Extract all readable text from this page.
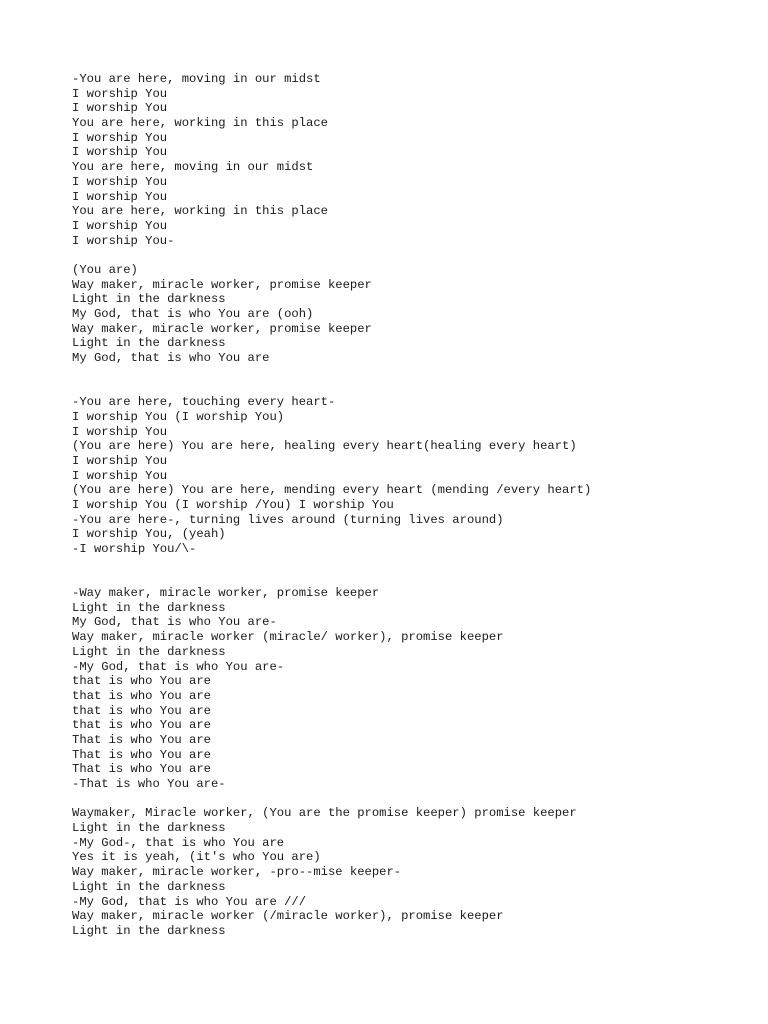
-You are here, moving in our midst
I worship You
I worship You
You are here, working in this place
I worship You
I worship You
You are here, moving in our midst
I worship You
I worship You
You are here, working in this place
I worship You
I worship You-
(You are)
Way maker, miracle worker, promise keeper
Light in the darkness
My God, that is who You are (ooh)
Way maker, miracle worker, promise keeper
Light in the darkness
My God, that is who You are
-You are here, touching every heart-
I worship You (I worship You)
I worship You
(You are here) You are here, healing every heart(healing every heart)
I worship You
I worship You
(You are here) You are here, mending every heart (mending /every heart)
I worship You (I worship /You) I worship You
-You are here-, turning lives around (turning lives around)
I worship You, (yeah)
-I worship You/\-
-Way maker, miracle worker, promise keeper
Light in the darkness
My God, that is who You are-
Way maker, miracle worker (miracle/ worker), promise keeper
Light in the darkness
-My God, that is who You are-
that is who You are
that is who You are
that is who You are
that is who You are
That is who You are
That is who You are
That is who You are
-That is who You are-
Waymaker, Miracle worker, (You are the promise keeper) promise keeper
Light in the darkness
-My God-, that is who You are
Yes it is yeah, (it's who You are)
Way maker, miracle worker, -pro--mise keeper-
Light in the darkness
-My God, that is who You are ///
Way maker, miracle worker (/miracle worker), promise keeper
Light in the darkness
